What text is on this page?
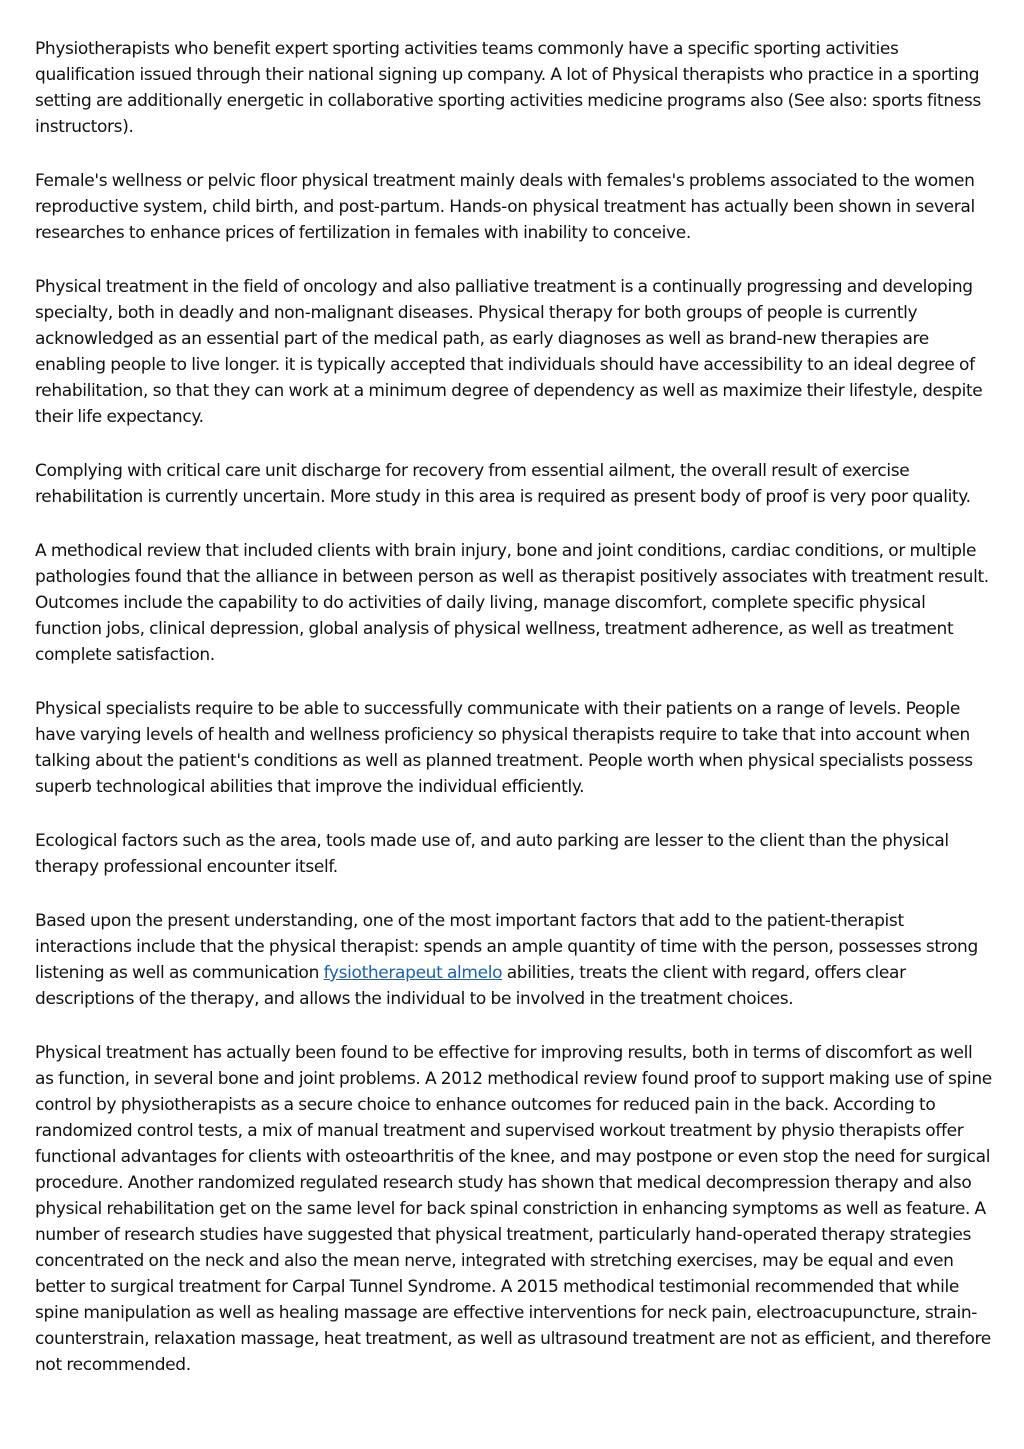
Physiotherapists who benefit expert sporting activities teams commonly have a specific sporting activities qualification issued through their national signing up company. A lot of Physical therapists who practice in a sporting setting are additionally energetic in collaborative sporting activities medicine programs also (See also: sports fitness instructors).

Female's wellness or pelvic floor physical treatment mainly deals with females's problems associated to the women reproductive system, child birth, and post-partum. Hands-on physical treatment has actually been shown in several researches to enhance prices of fertilization in females with inability to conceive.

Physical treatment in the field of oncology and also palliative treatment is a continually progressing and developing specialty, both in deadly and non-malignant diseases. Physical therapy for both groups of people is currently acknowledged as an essential part of the medical path, as early diagnoses as well as brand-new therapies are enabling people to live longer. it is typically accepted that individuals should have accessibility to an ideal degree of rehabilitation, so that they can work at a minimum degree of dependency as well as maximize their lifestyle, despite their life expectancy.

Complying with critical care unit discharge for recovery from essential ailment, the overall result of exercise rehabilitation is currently uncertain. More study in this area is required as present body of proof is very poor quality.

A methodical review that included clients with brain injury, bone and joint conditions, cardiac conditions, or multiple pathologies found that the alliance in between person as well as therapist positively associates with treatment result. Outcomes include the capability to do activities of daily living, manage discomfort, complete specific physical function jobs, clinical depression, global analysis of physical wellness, treatment adherence, as well as treatment complete satisfaction.

Physical specialists require to be able to successfully communicate with their patients on a range of levels. People have varying levels of health and wellness proficiency so physical therapists require to take that into account when talking about the patient's conditions as well as planned treatment. People worth when physical specialists possess superb technological abilities that improve the individual efficiently.

Ecological factors such as the area, tools made use of, and auto parking are lesser to the client than the physical therapy professional encounter itself.

Based upon the present understanding, one of the most important factors that add to the patient-therapist interactions include that the physical therapist: spends an ample quantity of time with the person, possesses strong listening as well as communication fysiotherapeut almelo abilities, treats the client with regard, offers clear descriptions of the therapy, and allows the individual to be involved in the treatment choices.

Physical treatment has actually been found to be effective for improving results, both in terms of discomfort as well as function, in several bone and joint problems. A 2012 methodical review found proof to support making use of spine control by physiotherapists as a secure choice to enhance outcomes for reduced pain in the back. According to randomized control tests, a mix of manual treatment and supervised workout treatment by physio therapists offer functional advantages for clients with osteoarthritis of the knee, and may postpone or even stop the need for surgical procedure. Another randomized regulated research study has shown that medical decompression therapy and also physical rehabilitation get on the same level for back spinal constriction in enhancing symptoms as well as feature. A number of research studies have suggested that physical treatment, particularly hand-operated therapy strategies concentrated on the neck and also the mean nerve, integrated with stretching exercises, may be equal and even better to surgical treatment for Carpal Tunnel Syndrome. A 2015 methodical testimonial recommended that while spine manipulation as well as healing massage are effective interventions for neck pain, electroacupuncture, strain-counterstrain, relaxation massage, heat treatment, as well as ultrasound treatment are not as efficient, and therefore not recommended.
